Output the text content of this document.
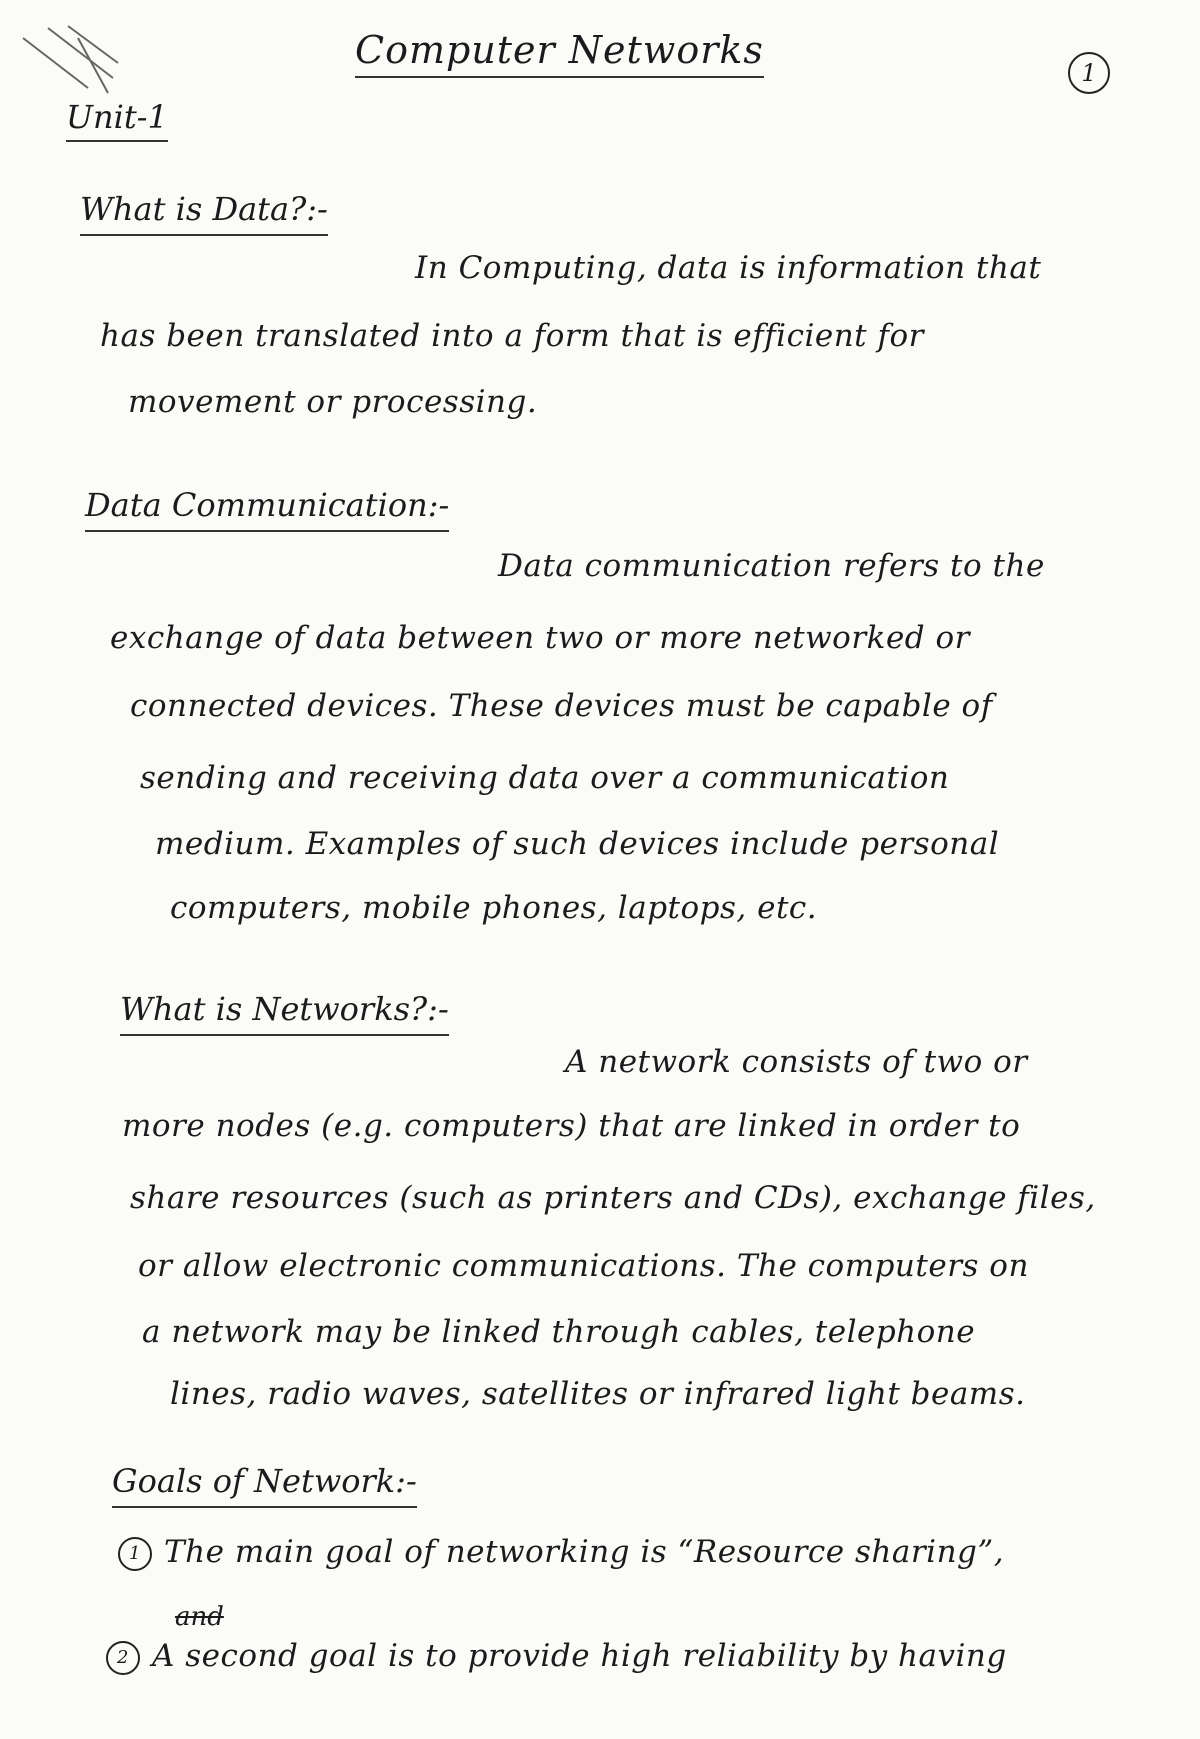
Computer Networks
1
Unit-1
What is Data?:-
In Computing, data is information that
has been translated into a form that is efficient for
movement or processing.
Data Communication:-
Data communication refers to the
exchange of data between two or more networked or
connected devices. These devices must be capable of
sending and receiving data over a communication
medium. Examples of such devices include personal
computers, mobile phones, laptops, etc.
What is Networks?:-
A network consists of two or
more nodes (e.g. computers) that are linked in order to
share resources (such as printers and CDs), exchange files,
or allow electronic communications. The computers on
a network may be linked through cables, telephone
lines, radio waves, satellites or infrared light beams.
Goals of Network:-
1 The main goal of networking is “Resource sharing”,
and
2 A second goal is to provide high reliability by having
